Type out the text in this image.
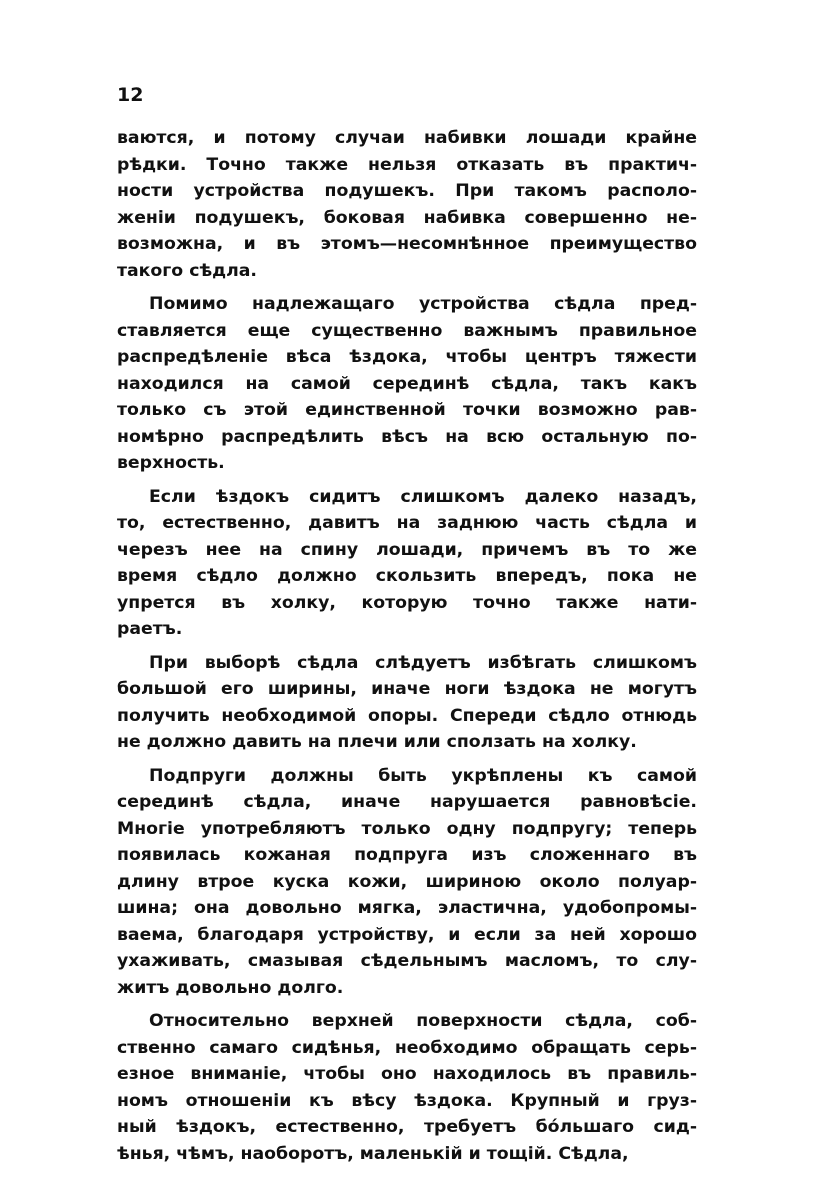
12
ваются, и потому случаи набивки лошади крайне
рѣдки. Точно также нельзя отказать въ практич-
ности устройства подушекъ. При такомъ располо-
женіи подушекъ, боковая набивка совершенно не-
возможна, и въ этомъ—несомнѣнное преимущество
такого сѣдла.
Помимо надлежащаго устройства сѣдла пред-
ставляется еще существенно важнымъ правильное
распредѣленіе вѣса ѣздока, чтобы центръ тяжести
находился на самой серединѣ сѣдла, такъ какъ
только съ этой единственной точки возможно рав-
номѣрно распредѣлить вѣсъ на всю остальную по-
верхность.
Если ѣздокъ сидитъ слишкомъ далеко назадъ,
то, естественно, давитъ на заднюю часть сѣдла и
черезъ нее на спину лошади, причемъ въ то же
время сѣдло должно скользить впередъ, пока не
упрется въ холку, которую точно также нати-
раетъ.
При выборѣ сѣдла слѣдуетъ избѣгать слишкомъ
большой его ширины, иначе ноги ѣздока не могутъ
получить необходимой опоры. Спереди сѣдло отнюдь
не должно давить на плечи или сползать на холку.
Подпруги должны быть укрѣплены къ самой
серединѣ сѣдла, иначе нарушается равновѣсіе.
Многіе употребляютъ только одну подпругу; теперь
появилась кожаная подпруга изъ сложеннаго въ
длину втрое куска кожи, шириною около полуар-
шина; она довольно мягка, эластична, удобопромы-
ваема, благодаря устройству, и если за ней хорошо
ухаживать, смазывая сѣдельнымъ масломъ, то слу-
житъ довольно долго.
Относительно верхней поверхности сѣдла, соб-
ственно самаго сидѣнья, необходимо обращать серь-
езное вниманіе, чтобы оно находилось въ правиль-
номъ отношеніи къ вѣсу ѣздока. Крупный и груз-
ный ѣздокъ, естественно, требуетъ бо́льшаго сид-
ѣнья, чѣмъ, наоборотъ, маленькій и тощій. Сѣдла,
